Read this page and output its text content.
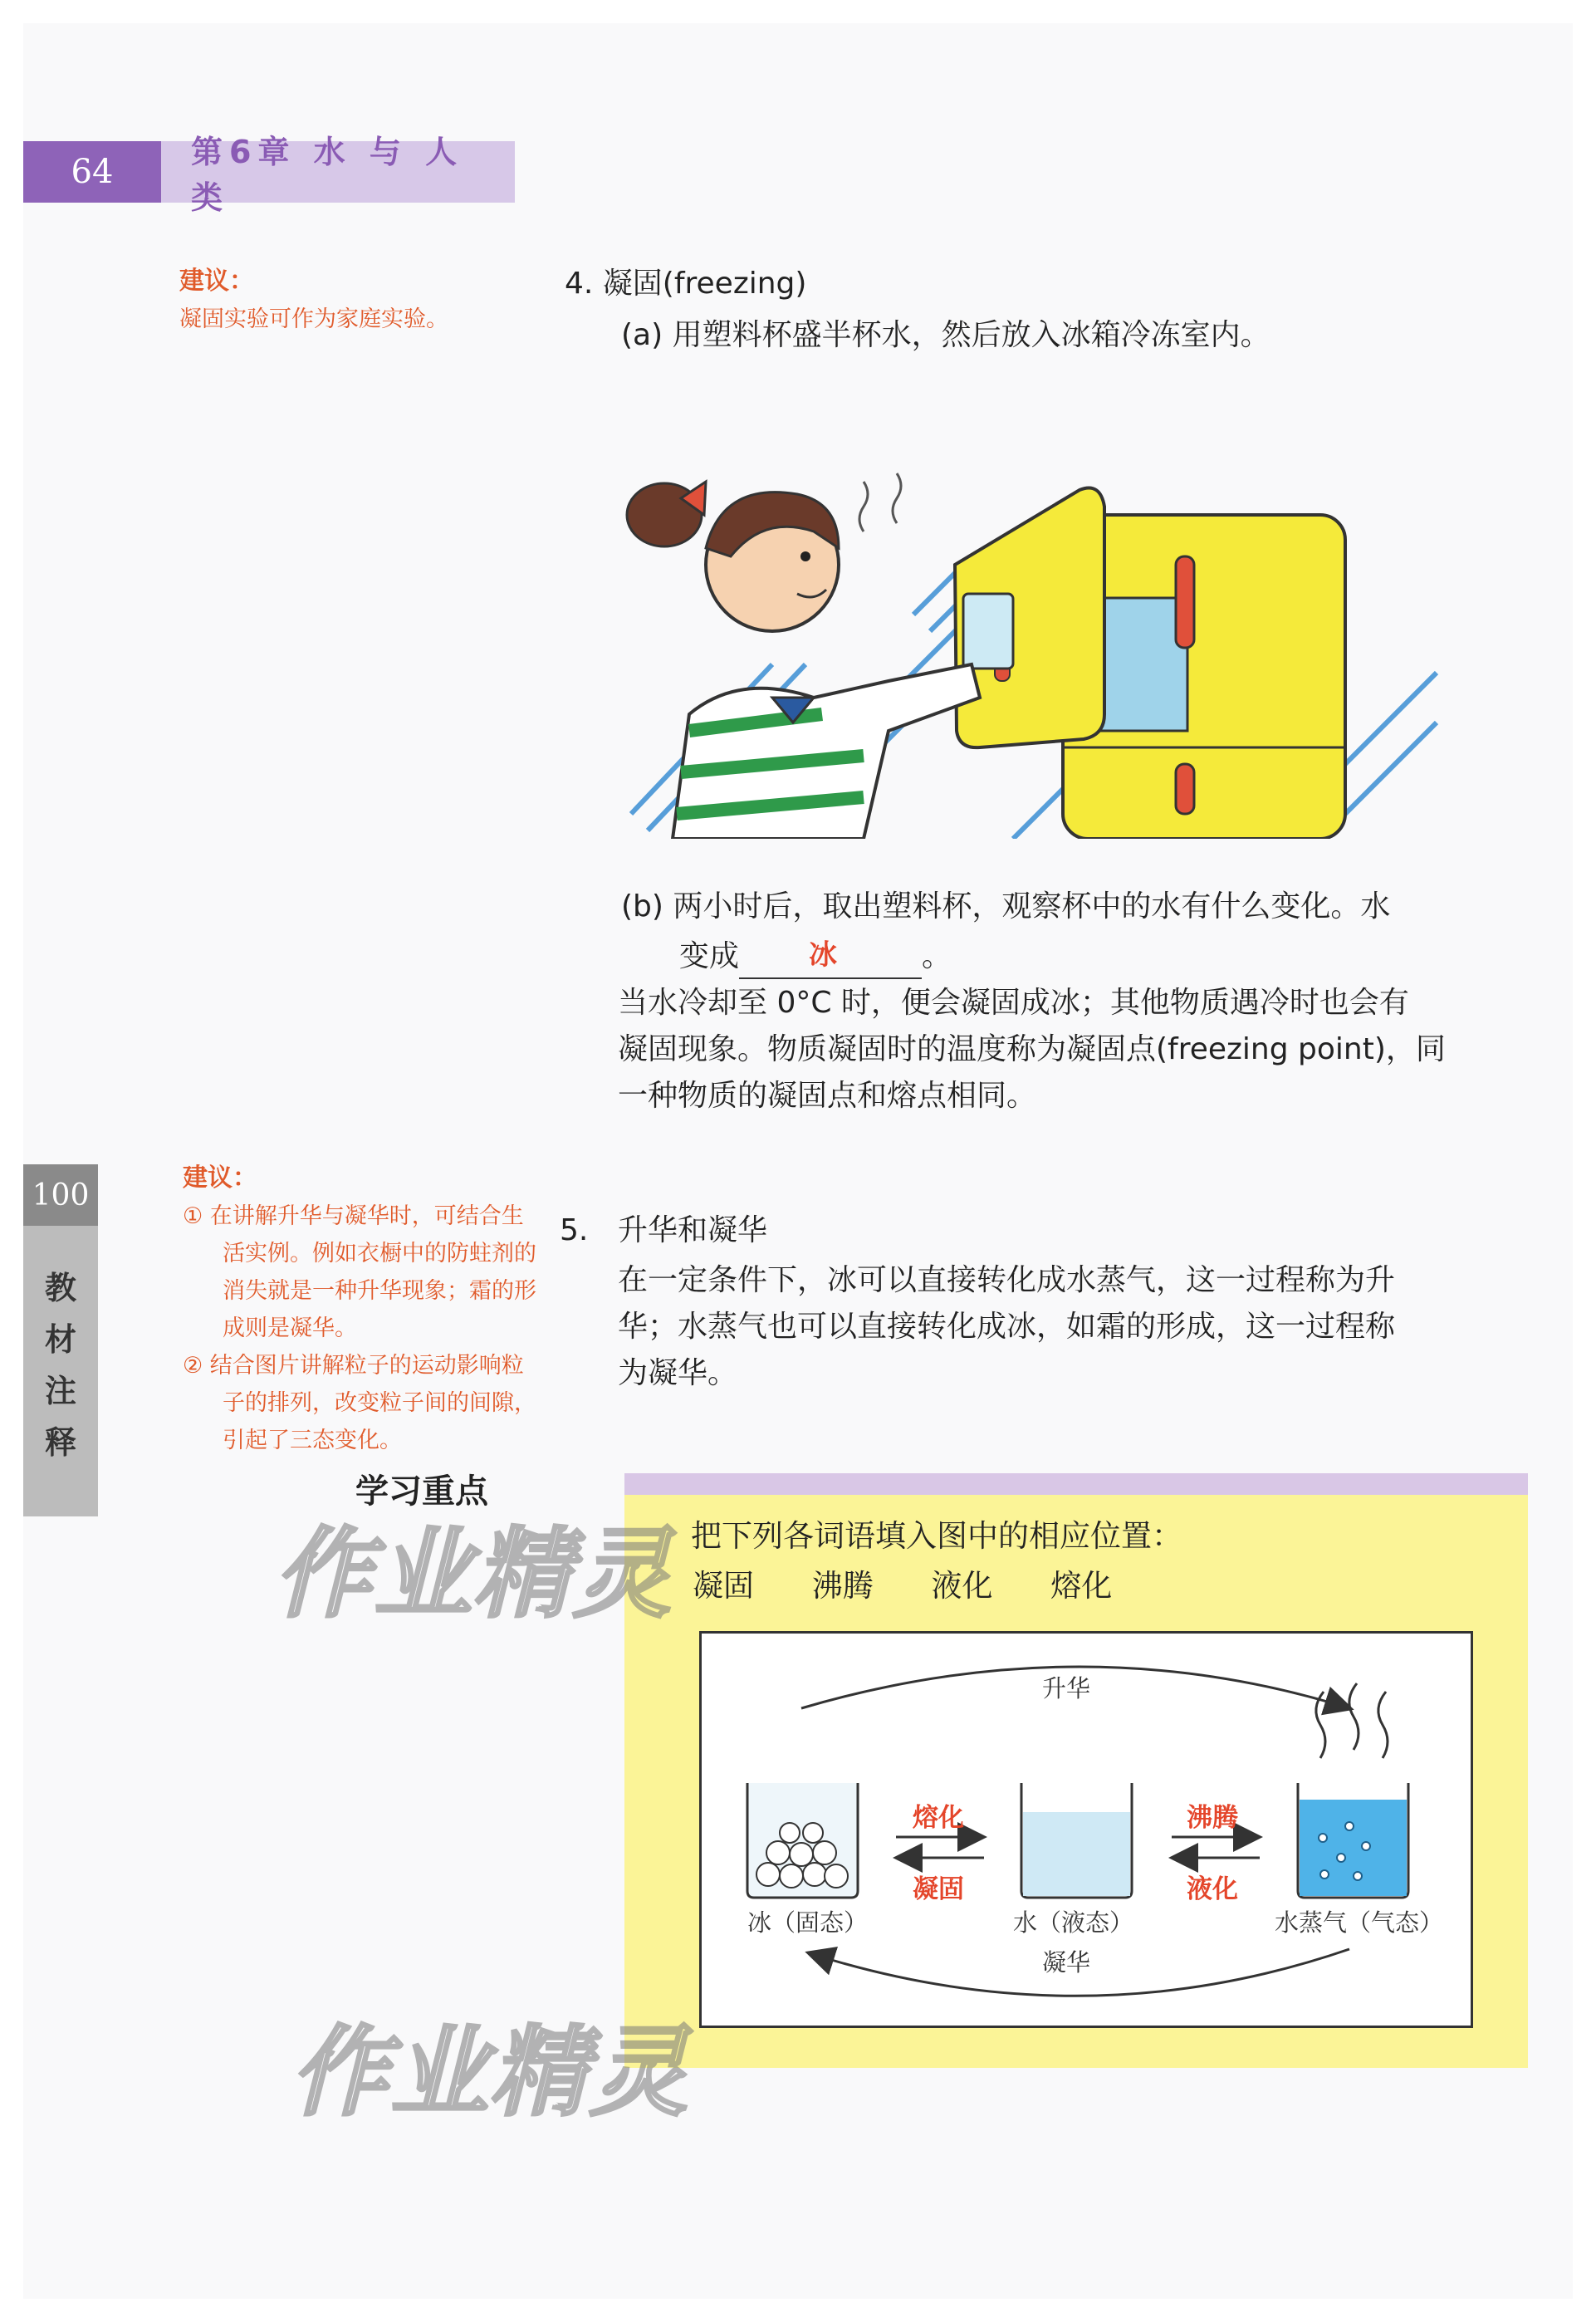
64
第6章 水 与 人 类
建议：
凝固实验可作为家庭实验。
建议：
① 在讲解升华与凝华时，可结合生
活实例。例如衣橱中的防蛀剂的
消失就是一种升华现象；霜的形
成则是凝华。
② 结合图片讲解粒子的运动影响粒
子的排列，改变粒子间的间隙，
引起了三态变化。
100
教
材
注
释
4. 凝固(freezing)
(a) 用塑料杯盛半杯水，然后放入冰箱冷冻室内。
(b) 两小时后，取出塑料杯，观察杯中的水有什么变化。水
变成 冰	。
当水冷却至 0°C 时，便会凝固成冰；其他物质遇冷时也会有
凝固现象。物质凝固时的温度称为凝固点(freezing point)，同
一种物质的凝固点和熔点相同。
5. 升华和凝华
在一定条件下，冰可以直接转化成水蒸气，这一过程称为升
华；水蒸气也可以直接转化成冰，如霜的形成，这一过程称
为凝华。
学习重点
把下列各词语填入图中的相应位置：
凝固 沸腾 液化 熔化
升华
凝华
冰（固态）	水（液态）	水蒸气（气态）
熔化
凝固
沸腾
液化
作业精灵
作业精灵
